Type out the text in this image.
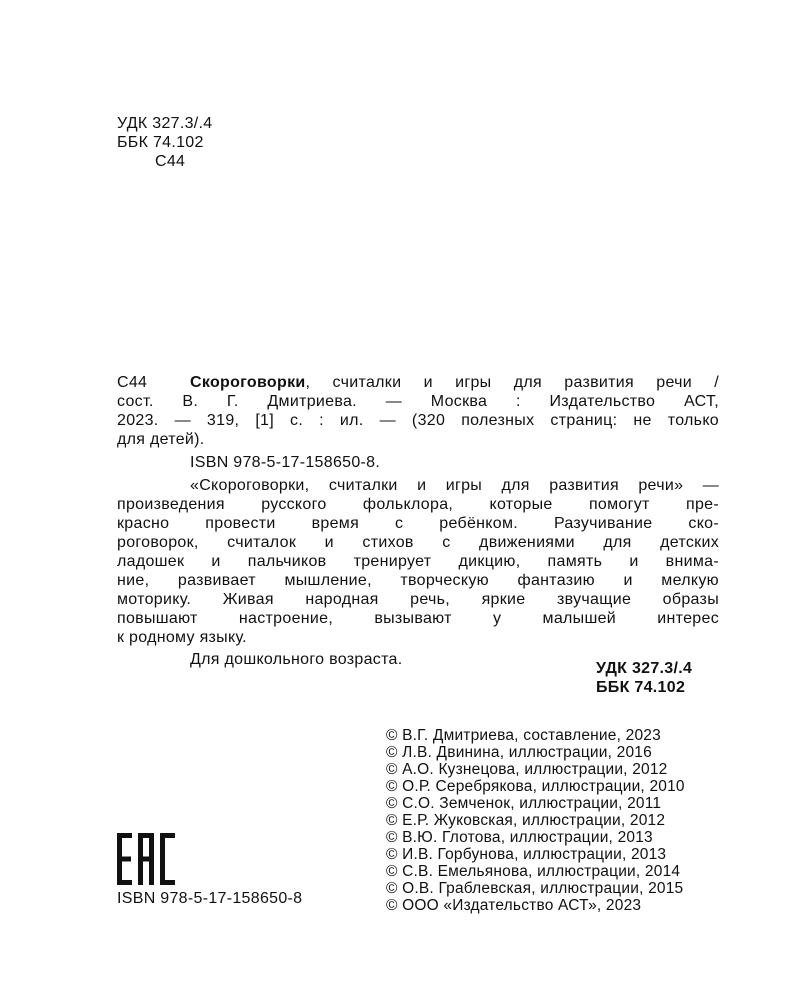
УДК 327.3/.4
ББК 74.102
С44
С44	Скороговорки, считалки и игры для развития речи /
сост. В. Г. Дмитриева. — Москва : Издательство АСТ,
2023. — 319, [1] с. : ил. — (320 полезных страниц: не только
для детей).
ISBN 978-5-17-158650-8.
«Скороговорки, считалки и игры для развития речи» —
произведения русского фольклора, которые помогут пре-
красно провести время с ребёнком. Разучивание ско-
роговорок, считалок и стихов с движениями для детских
ладошек и пальчиков тренирует дикцию, память и внима-
ние, развивает мышление, творческую фантазию и мелкую
моторику. Живая народная речь, яркие звучащие образы
повышают настроение, вызывают у малышей интерес
к родному языку.
Для дошкольного возраста.
УДК 327.3/.4
ББК 74.102
© В.Г. Дмитриева, составление, 2023
© Л.В. Двинина, иллюстрации, 2016
© А.О. Кузнецова, иллюстрации, 2012
© О.Р. Серебрякова, иллюстрации, 2010
© С.О. Земченок, иллюстрации, 2011
© Е.Р. Жуковская, иллюстрации, 2012
© В.Ю. Глотова, иллюстрации, 2013
© И.В. Горбунова, иллюстрации, 2013
© С.В. Емельянова, иллюстрации, 2014
© О.В. Граблевская, иллюстрации, 2015
© ООО «Издательство АСТ», 2023
ISBN 978-5-17-158650-8
